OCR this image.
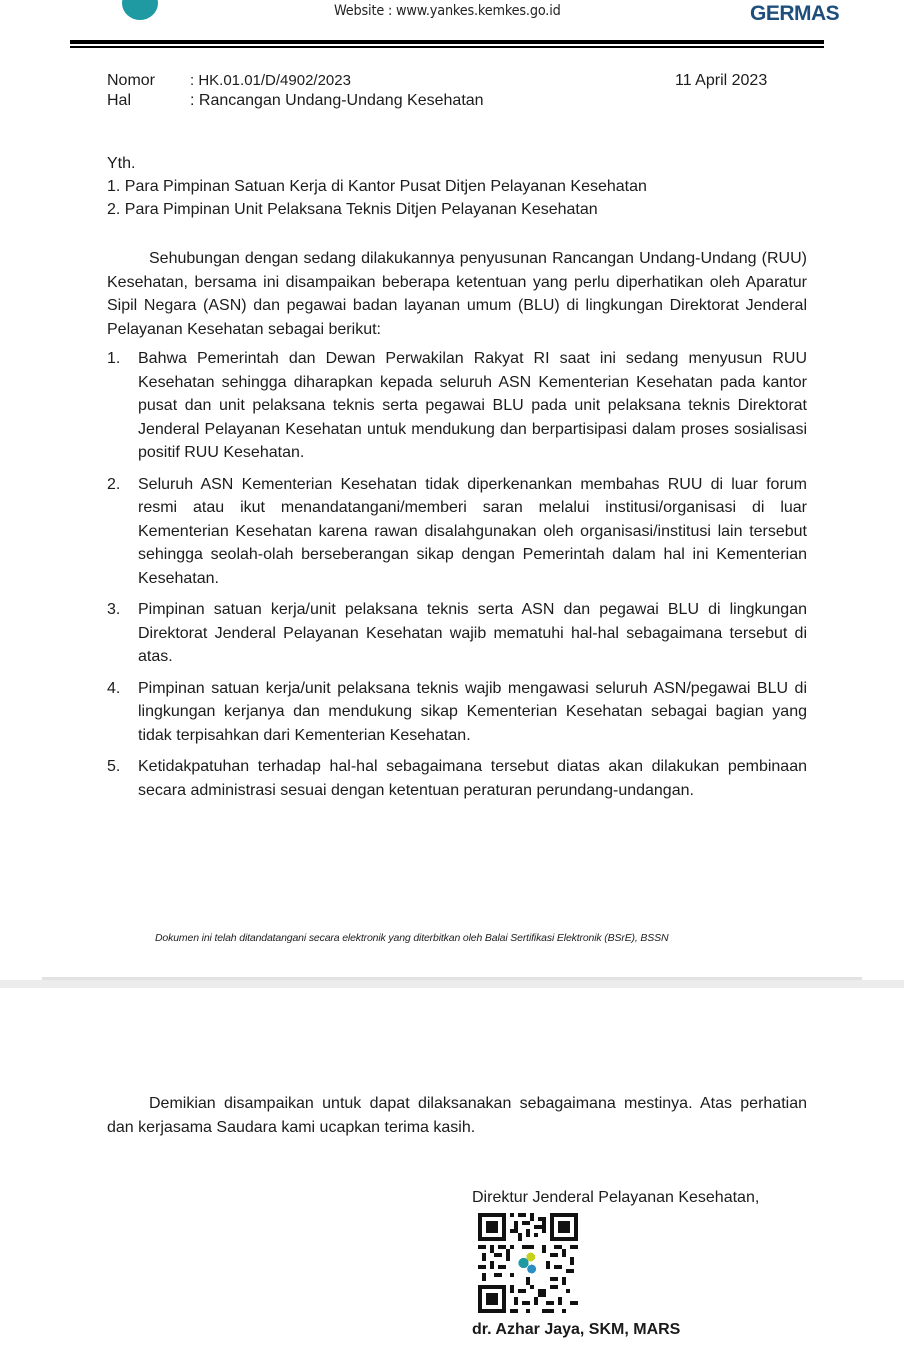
Website : www.yankes.kemkes.go.id	GERMAS
Nomor : HK.01.01/D/4902/2023	11 April 2023
Hal	: Rancangan Undang-Undang Kesehatan
Yth.
1. Para Pimpinan Satuan Kerja di Kantor Pusat Ditjen Pelayanan Kesehatan
2. Para Pimpinan Unit Pelaksana Teknis Ditjen Pelayanan Kesehatan
Sehubungan dengan sedang dilakukannya penyusunan Rancangan Undang-Undang (RUU) Kesehatan, bersama ini disampaikan beberapa ketentuan yang perlu diperhatikan oleh Aparatur Sipil Negara (ASN) dan pegawai badan layanan umum (BLU) di lingkungan Direktorat Jenderal Pelayanan Kesehatan sebagai berikut:
1.	Bahwa Pemerintah dan Dewan Perwakilan Rakyat RI saat ini sedang menyusun RUU Kesehatan sehingga diharapkan kepada seluruh ASN Kementerian Kesehatan pada kantor pusat dan unit pelaksana teknis serta pegawai BLU pada unit pelaksana teknis Direktorat Jenderal Pelayanan Kesehatan untuk mendukung dan berpartisipasi dalam proses sosialisasi positif RUU Kesehatan.
2.	Seluruh ASN Kementerian Kesehatan tidak diperkenankan membahas RUU di luar forum resmi atau ikut menandatangani/memberi saran melalui institusi/organisasi di luar Kementerian Kesehatan karena rawan disalahgunakan oleh organisasi/institusi lain tersebut sehingga seolah-olah berseberangan sikap dengan Pemerintah dalam hal ini Kementerian Kesehatan.
3.	Pimpinan satuan kerja/unit pelaksana teknis serta ASN dan pegawai BLU di lingkungan Direktorat Jenderal Pelayanan Kesehatan wajib mematuhi hal-hal sebagaimana tersebut di atas.
4.	Pimpinan satuan kerja/unit pelaksana teknis wajib mengawasi seluruh ASN/pegawai BLU di lingkungan kerjanya dan mendukung sikap Kementerian Kesehatan sebagai bagian yang tidak terpisahkan dari Kementerian Kesehatan.
5.	Ketidakpatuhan terhadap hal-hal sebagaimana tersebut diatas akan dilakukan pembinaan secara administrasi sesuai dengan ketentuan peraturan perundang-undangan.
Dokumen ini telah ditandatangani secara elektronik yang diterbitkan oleh Balai Sertifikasi Elektronik (BSrE), BSSN
Demikian disampaikan untuk dapat dilaksanakan sebagaimana mestinya. Atas perhatian dan kerjasama Saudara kami ucapkan terima kasih.
Direktur Jenderal Pelayanan Kesehatan,
dr. Azhar Jaya, SKM, MARS
